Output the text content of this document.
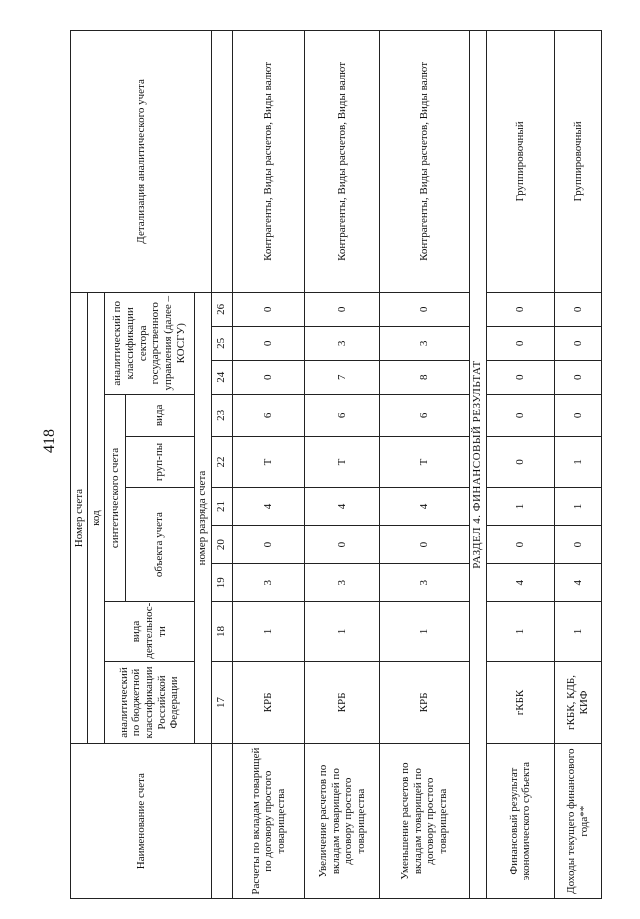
418
Наименование счета	Номер счета										Детализация аналитического учета
	код										
	аналитический по бюджетной классификации Российской Федерации	вида деятельнос-ти	синтетического счета					аналитический по классификации сектора государственного управления (далее – КОСГУ)			
			объекта учета			груп-пы	вида				
	номер разряда счета										
	17	18	19	20	21	22	23	24	25	26	
Расчеты по вкладам товарищей по договору простого товарищества	КРБ	1	3	0	4	Т	6	0	0	0	Контрагенты, Виды расчетов, Виды валют
Увеличение расчетов по вкладам товарищей по договору простого товарищества	КРБ	1	3	0	4	Т	6	7	3	0	Контрагенты, Виды расчетов, Виды валют
Уменьшение расчетов по вкладам товарищей по договору простого товарищества	КРБ	1	3	0	4	Т	6	8	3	0	Контрагенты, Виды расчетов, Виды валют
РАЗДЕЛ 4. ФИНАНСОВЫЙ РЕЗУЛЬТАТ											
Финансовый результат экономического субъекта	гКБК	1	4	0	1	0	0	0	0	0	Группировочный
Доходы текущего финансового года**	гКБК, КДБ, КИФ	1	4	0	1	1	0	0	0	0	Группировочный
